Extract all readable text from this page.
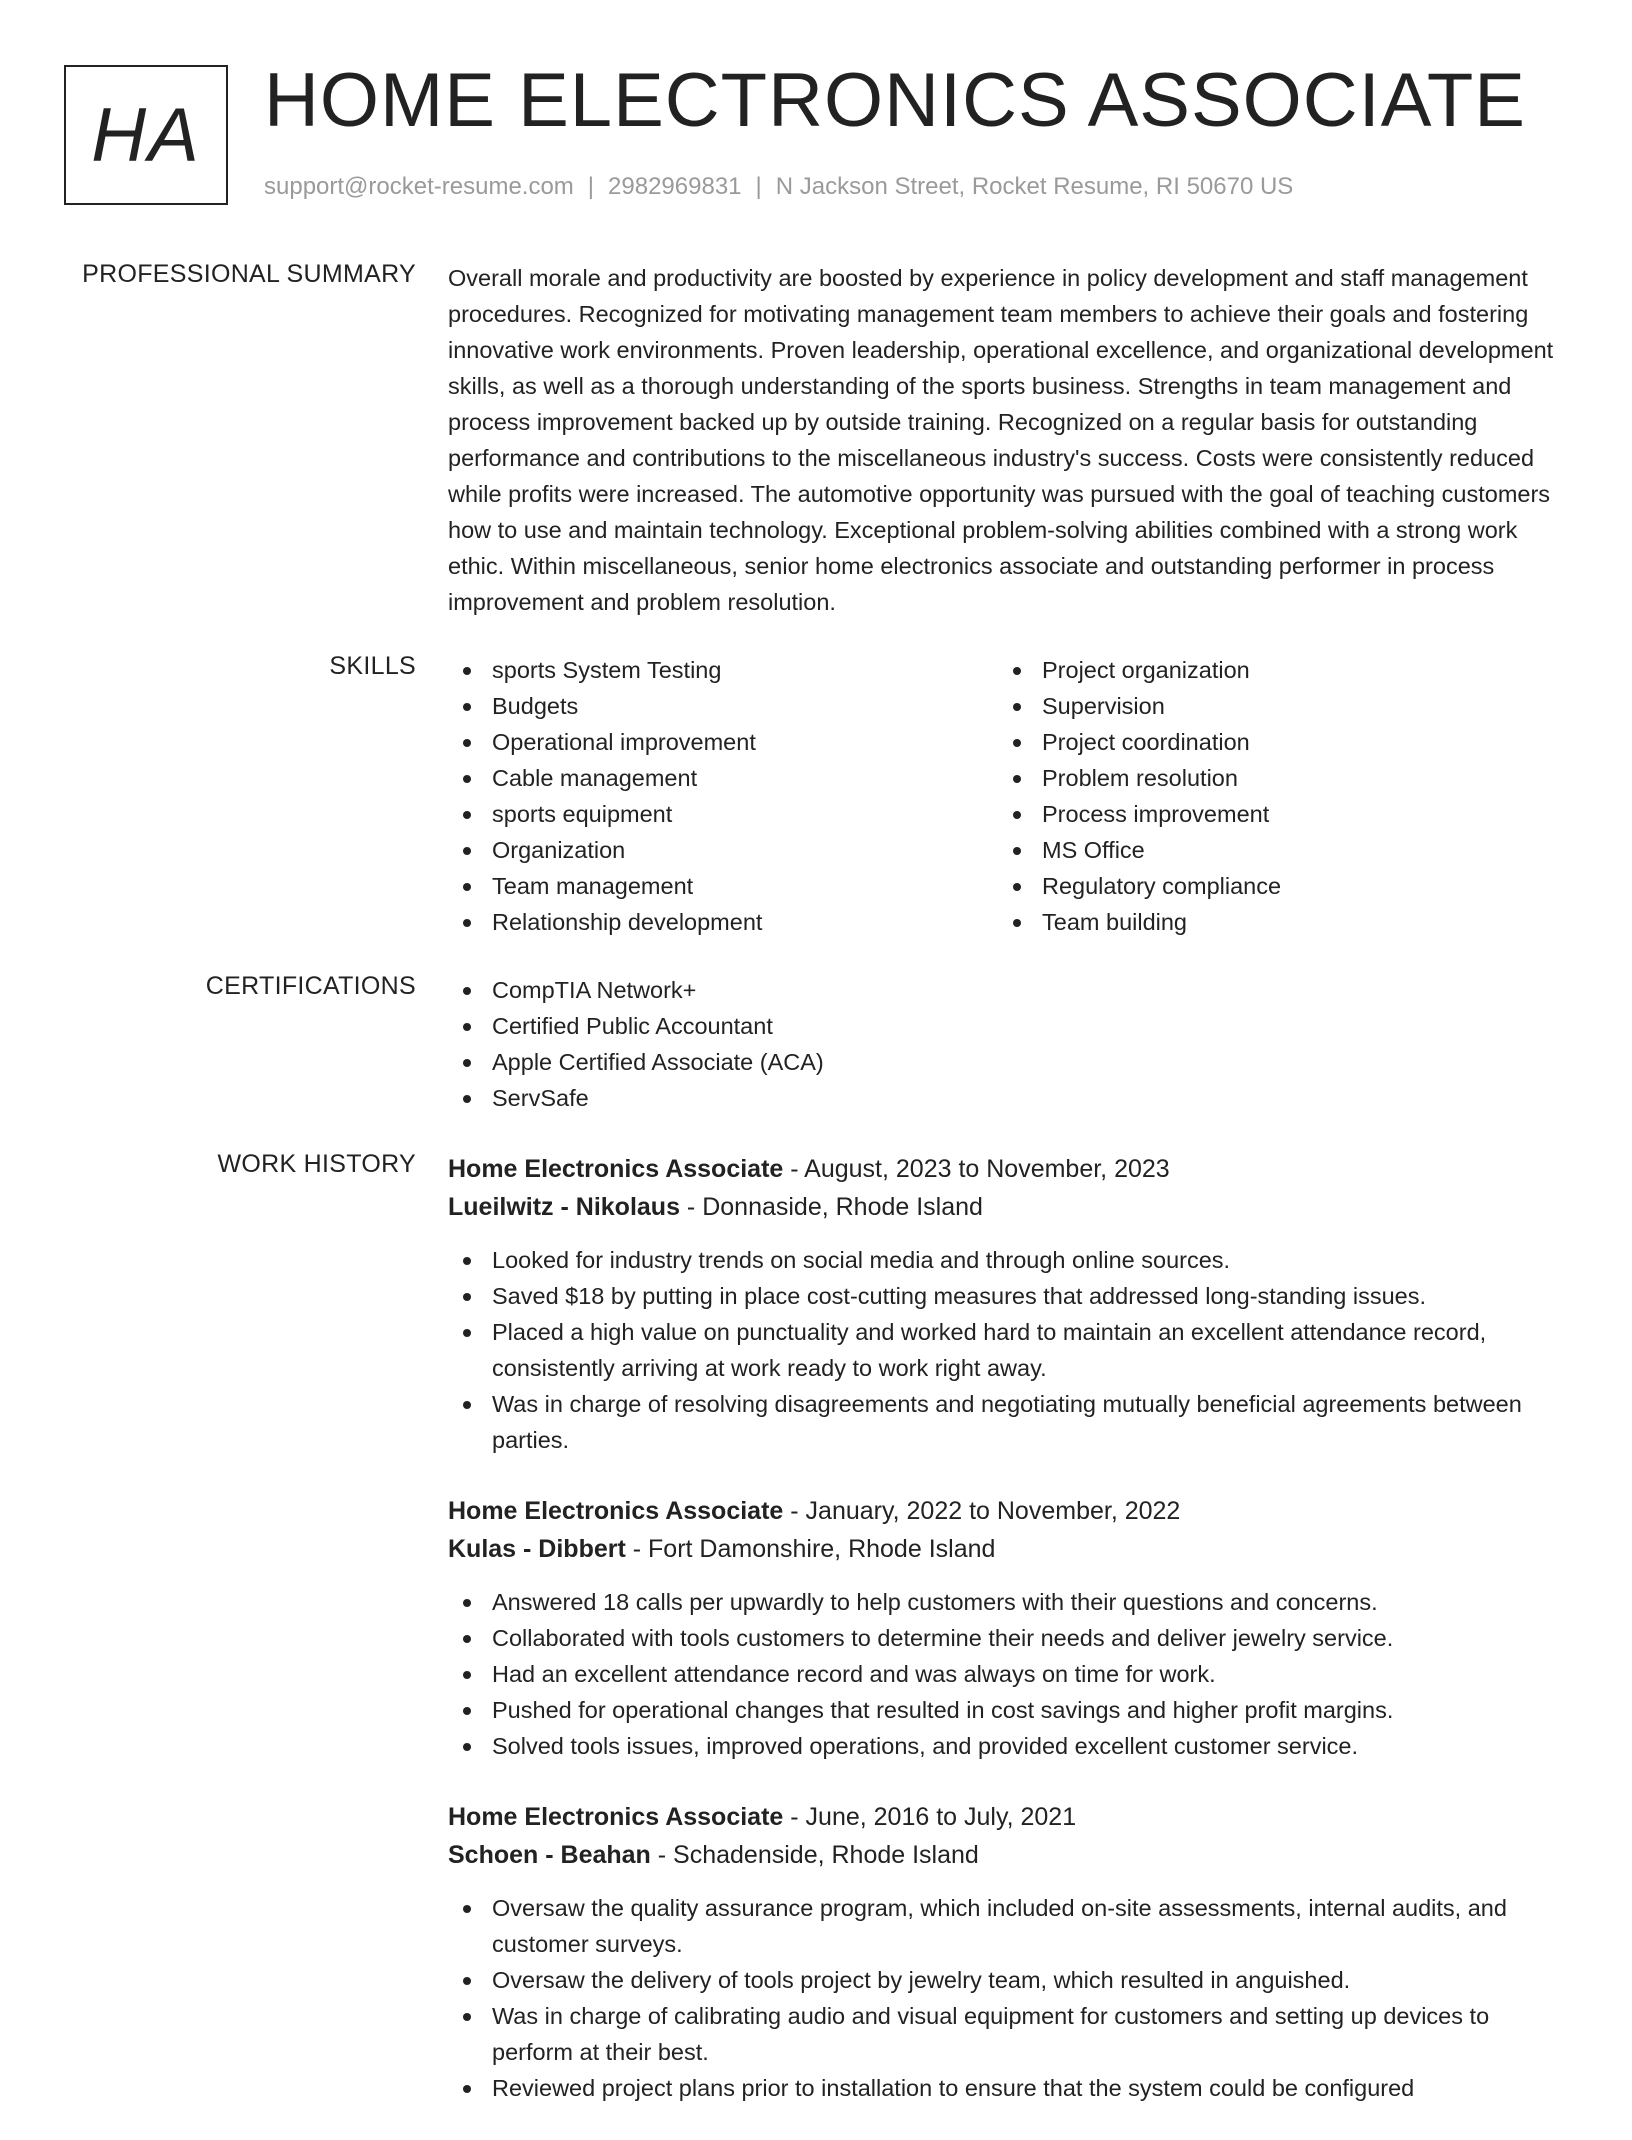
HA HOME ELECTRONICS ASSOCIATE
support@rocket-resume.com | 2982969831 | N Jackson Street, Rocket Resume, RI 50670 US
PROFESSIONAL SUMMARY Overall morale and productivity are boosted by experience in policy development and staff management procedures. Recognized for motivating management team members to achieve their goals and fostering innovative work environments. Proven leadership, operational excellence, and organizational development skills, as well as a thorough understanding of the sports business. Strengths in team management and process improvement backed up by outside training. Recognized on a regular basis for outstanding performance and contributions to the miscellaneous industry's success. Costs were consistently reduced while profits were increased. The automotive opportunity was pursued with the goal of teaching customers how to use and maintain technology. Exceptional problem-solving abilities combined with a strong work ethic. Within miscellaneous, senior home electronics associate and outstanding performer in process improvement and problem resolution.

SKILLS	sports System Testing
Budgets
Operational improvement
Cable management
sports equipment
Organization
Team management
Relationship development
Project organization
Supervision
Project coordination
Problem resolution
Process improvement
MS Office
Regulatory compliance
Team building
CERTIFICATIONS	CompTIA Network+
Certified Public Accountant
Apple Certified Associate (ACA)
ServSafe
WORK HISTORY Home Electronics Associate - August, 2023 to November, 2023
Lueilwitz - Nikolaus - Donnaside, Rhode Island
Looked for industry trends on social media and through online sources.
Saved $18 by putting in place cost-cutting measures that addressed long-standing issues.
Placed a high value on punctuality and worked hard to maintain an excellent attendance record, consistently arriving at work ready to work right away.
Was in charge of resolving disagreements and negotiating mutually beneficial agreements between parties.
Home Electronics Associate - January, 2022 to November, 2022
Kulas - Dibbert - Fort Damonshire, Rhode Island
Answered 18 calls per upwardly to help customers with their questions and concerns.
Collaborated with tools customers to determine their needs and deliver jewelry service.
Had an excellent attendance record and was always on time for work.
Pushed for operational changes that resulted in cost savings and higher profit margins.
Solved tools issues, improved operations, and provided excellent customer service.
Home Electronics Associate - June, 2016 to July, 2021
Schoen - Beahan - Schadenside, Rhode Island
Oversaw the quality assurance program, which included on-site assessments, internal audits, and customer surveys.
Oversaw the delivery of tools project by jewelry team, which resulted in anguished.
Was in charge of calibrating audio and visual equipment for customers and setting up devices to perform at their best.
Reviewed project plans prior to installation to ensure that the system could be configured
